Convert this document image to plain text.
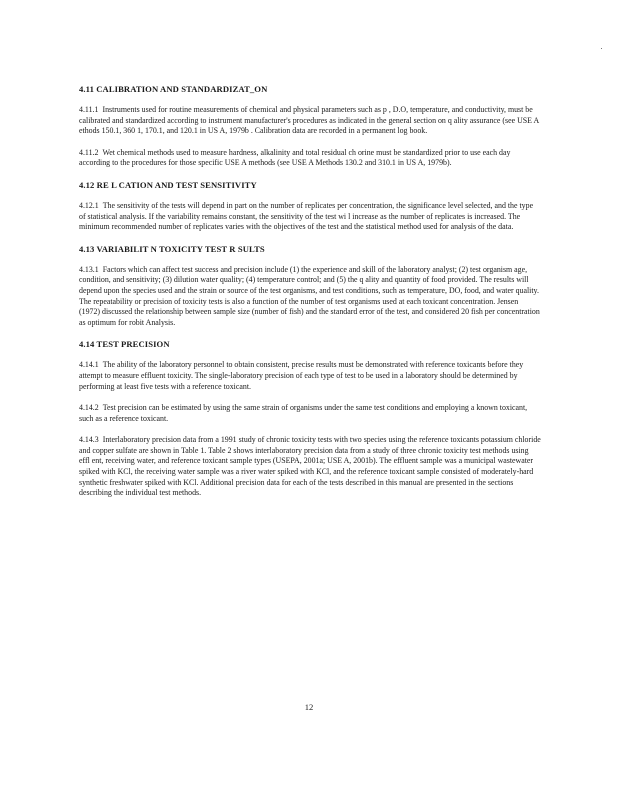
4.11 CALIBRATION AND STANDARDIZAT_ON

4.11.1 Instruments used for routine measurements of chemical and physical parameters such as p , D.O, temperature, and conductivity, must be calibrated and standardized according to instrument manufacturer's procedures as indicated in the general section on q ality assurance (see USE A ethods 150.1, 360 1, 170.1, and 120.1 in US A, 1979b . Calibration data are recorded in a permanent log book.

4.11.2 Wet chemical methods used to measure hardness, alkalinity and total residual ch orine must be standardized prior to use each day according to the procedures for those specific USE A methods (see USE A Methods 130.2 and 310.1 in US A, 1979b).

4.12 RE L CATION AND TEST SENSITIVITY

4.12.1 The sensitivity of the tests will depend in part on the number of replicates per concentration, the significance level selected, and the type of statistical analysis. If the variability remains constant, the sensitivity of the test wi l increase as the number of replicates is increased. The minimum recommended number of replicates varies with the objectives of the test and the statistical method used for analysis of the data.

4.13 VARIABILIT N TOXICITY TEST R SULTS

4.13.1 Factors which can affect test success and precision include (1) the experience and skill of the laboratory analyst; (2) test organism age, condition, and sensitivity; (3) dilution water quality; (4) temperature control; and (5) the q ality and quantity of food provided. The results will depend upon the species used and the strain or source of the test organisms, and test conditions, such as temperature, DO, food, and water quality. The repeatability or precision of toxicity tests is also a function of the number of test organisms used at each toxicant concentration. Jensen (1972) discussed the relationship between sample size (number of fish) and the standard error of the test, and considered 20 fish per concentration as optimum for robit Analysis.

4.14 TEST PRECISION

4.14.1 The ability of the laboratory personnel to obtain consistent, precise results must be demonstrated with reference toxicants before they attempt to measure effluent toxicity. The single-laboratory precision of each type of test to be used in a laboratory should be determined by performing at least five tests with a reference toxicant.

4.14.2 Test precision can be estimated by using the same strain of organisms under the same test conditions and employing a known toxicant, such as a reference toxicant.

4.14.3 Interlaboratory precision data from a 1991 study of chronic toxicity tests with two species using the reference toxicants potassium chloride and copper sulfate are shown in Table 1. Table 2 shows interlaboratory precision data from a study of three chronic toxicity test methods using effl ent, receiving water, and reference toxicant sample types (USEPA, 2001a; USE A, 2001b). The effluent sample was a municipal wastewater spiked with KCl, the receiving water sample was a river water spiked with KCl, and the reference toxicant sample consisted of moderately-hard synthetic freshwater spiked with KCl. Additional precision data for each of the tests described in this manual are presented in the sections describing the individual test methods.

12
